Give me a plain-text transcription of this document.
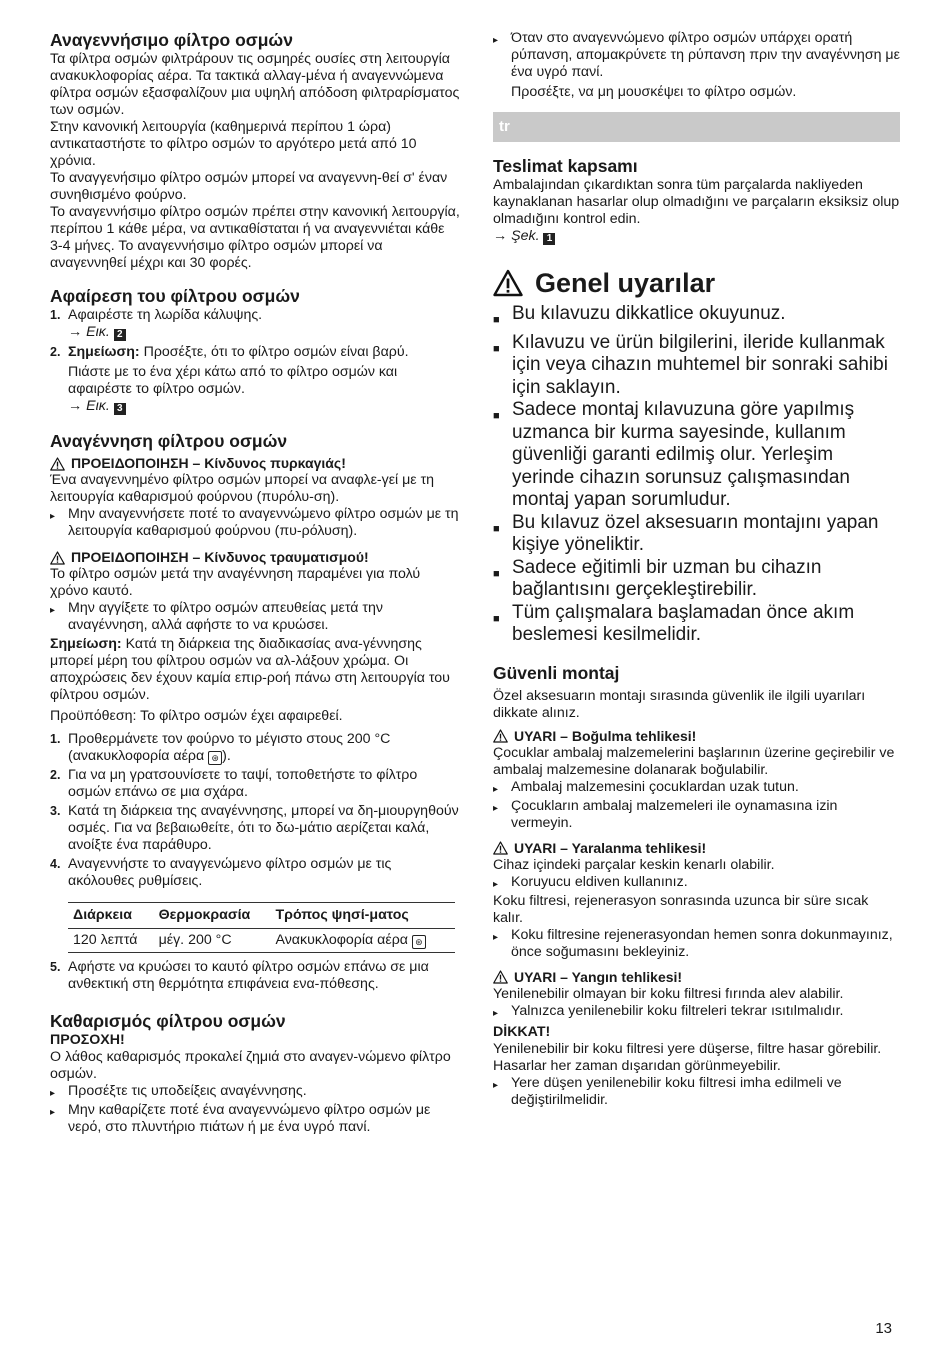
Αναγεννήσιμο φίλτρο οσμών

Τα φίλτρα οσμών φιλτράρουν τις οσμηρές ουσίες στη λειτουργία ανακυκλοφορίας αέρα. Τα τακτικά αλλαγ-μένα ή αναγεννώμενα φίλτρα οσμών εξασφαλίζουν μια υψηλή απόδοση φιλτραρίσματος των οσμών.

Στην κανονική λειτουργία (καθημερινά περίπου 1 ώρα) αντικαταστήστε το φίλτρο οσμών το αργότερο μετά από 10 χρόνια.

Το αναγγενήσιμο φίλτρο οσμών μπορεί να αναγεννη-θεί σ' έναν συνηθισμένο φούρνο.

Το αναγεννήσιμο φίλτρο οσμών πρέπει στην κανονική λειτουργία, περίπου 1 κάθε μέρα, να αντικαθίσταται ή να αναγεννιέται κάθε 3-4 μήνες. Το αναγεννήσιμο φίλτρο οσμών μπορεί να αναγεννηθεί μέχρι και 30 φορές.

Αφαίρεση του φίλτρου οσμών
1. Αφαιρέστε τη λωρίδα κάλυψης.
→ Εικ. 2
2. Σημείωση: Προσέξτε, ότι το φίλτρο οσμών είναι βαρύ.

Πιάστε με το ένα χέρι κάτω από το φίλτρο οσμών και αφαιρέστε το φίλτρο οσμών.
→ Εικ. 3

Αναγέννηση φίλτρου οσμών
ΠΡΟΕΙΔΟΠΟΙΗΣΗ – Κίνδυνος πυρκαγιάς!

Ένα αναγεννημένο φίλτρο οσμών μπορεί να αναφλε-γεί με τη λειτουργία καθαρισμού φούρνου (πυρόλυ-ση).

▸ Μην αναγεννήσετε ποτέ το αναγεννώμενο φίλτρο οσμών με τη λειτουργία καθαρισμού φούρνου (πυ-ρόλυση).
ΠΡΟΕΙΔΟΠΟΙΗΣΗ – Κίνδυνος τραυματισμού!

Το φίλτρο οσμών μετά την αναγέννηση παραμένει για πολύ χρόνο καυτό.

▸ Μην αγγίξετε το φίλτρο οσμών απευθείας μετά την αναγέννηση, αλλά αφήστε το να κρυώσει.

Σημείωση: Κατά τη διάρκεια της διαδικασίας ανα-γέννησης μπορεί μέρη του φίλτρου οσμών να αλ-λάξουν χρώμα. Οι αποχρώσεις δεν έχουν καμία επιρ-ροή πάνω στη λειτουργία του φίλτρου οσμών.

Προϋπόθεση: Το φίλτρο οσμών έχει αφαιρεθεί.

1. Προθερμάνετε τον φούρνο το μέγιστο στους 200 °C (ανακυκλοφορία αέρα ⊛ ).
2. Για να μη γρατσουνίσετε το ταψί, τοποθετήστε το φίλτρο οσμών επάνω σε μια σχάρα.
3. Κατά τη διάρκεια της αναγέννησης, μπορεί να δη-μιουργηθούν οσμές. Για να βεβαιωθείτε, ότι το δω-μάτιο αερίζεται καλά, ανοίξτε ένα παράθυρο.
4. Αναγεννήστε το αναγγενώμενο φίλτρο οσμών με τις ακόλουθες ρυθμίσεις.
Διάρκεια	Θερμοκρασία	Τρόπος ψησί-ματος
120 λεπτά	μέγ. 200 °C	Ανακυκλοφορία αέρα ⊛
5. Αφήστε να κρυώσει το καυτό φίλτρο οσμών επάνω σε μια ανθεκτική στη θερμότητα επιφάνεια ενα-πόθεσης.
Καθαρισμός φίλτρου οσμών

ΠΡΟΣΟΧΗ!

Ο λάθος καθαρισμός προκαλεί ζημιά στο αναγεν-νώμενο φίλτρο οσμών.

▸ Προσέξτε τις υποδείξεις αναγέννησης.
▸ Μην καθαρίζετε ποτέ ένα αναγεννώμενο φίλτρο οσμών με νερό, στο πλυντήριο πιάτων ή με ένα υγρό πανί.
▸ Όταν στο αναγεννώμενο φίλτρο οσμών υπάρχει ορατή ρύπανση, απομακρύνετε τη ρύπανση πριν την αναγέννηση με ένα υγρό πανί.

Προσέξτε, να μη μουσκέψει το φίλτρο οσμών.

tr
Teslimat kapsamı

Ambalajından çıkardıktan sonra tüm parçalarda nakliyeden kaynaklanan hasarlar olup olmadığını ve parçaların eksiksiz olup olmadığını kontrol edin.
→ Şek. 1

Genel uyarılar
■ Bu kılavuzu dikkatlice okuyunuz.
■ Kılavuzu ve ürün bilgilerini, ileride kullanmak için veya cihazın muhtemel bir sonraki sahibi için saklayın.
■ Sadece montaj kılavuzuna göre yapılmış uzmanca bir kurma sayesinde, kullanım güvenliği garanti edilmiş olur. Yerleşim yerinde cihazın sorunsuz çalışmasından montaj yapan sorumludur.
■ Bu kılavuz özel aksesuarın montajını yapan kişiye yöneliktir.
■ Sadece eğitimli bir uzman bu cihazın bağlantısını gerçekleştirebilir.
■ Tüm çalışmalara başlamadan önce akım beslemesi kesilmelidir.
Güvenli montaj

Özel aksesuarın montajı sırasında güvenlik ile ilgili uyarıları dikkate alınız.

UYARI – Boğulma tehlikesi!

Çocuklar ambalaj malzemelerini başlarının üzerine geçirebilir ve ambalaj malzemesine dolanarak boğulabilir.

▸ Ambalaj malzemesini çocuklardan uzak tutun.
▸ Çocukların ambalaj malzemeleri ile oynamasına izin vermeyin.
UYARI – Yaralanma tehlikesi!

Cihaz içindeki parçalar keskin kenarlı olabilir.

▸ Koruyucu eldiven kullanınız.

Koku filtresi, rejenerasyon sonrasında uzunca bir süre sıcak kalır.

▸ Koku filtresine rejenerasyondan hemen sonra dokunmayınız, önce soğumasını bekleyiniz.
UYARI – Yangın tehlikesi!

Yenilenebilir olmayan bir koku filtresi fırında alev alabilir.

▸ Yalnızca yenilenebilir koku filtreleri tekrar ısıtılmalıdır.

DİKKAT!

Yenilenebilir bir koku filtresi yere düşerse, filtre hasar görebilir. Hasarlar her zaman dışarıdan görünmeyebilir.

▸ Yere düşen yenilenebilir koku filtresi imha edilmeli ve değiştirilmelidir.
13
